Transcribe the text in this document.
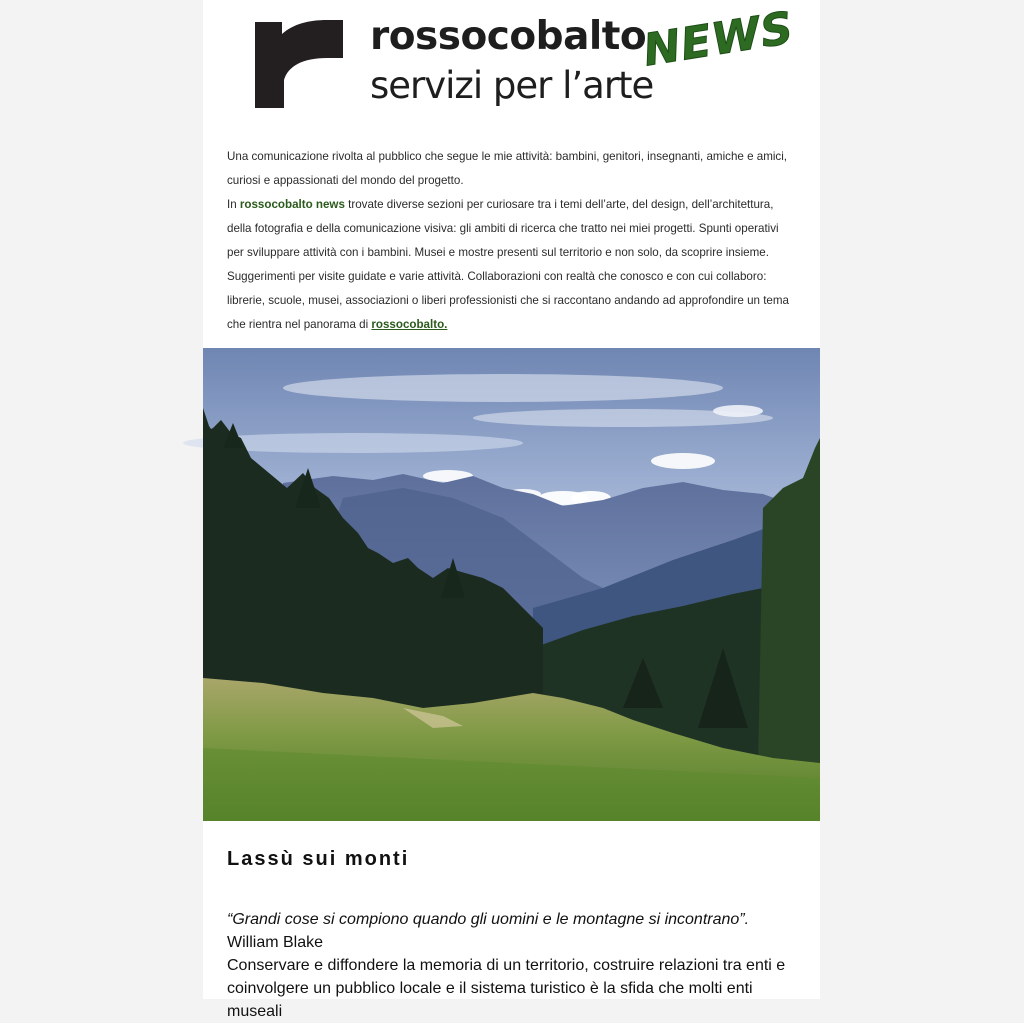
rossocobalto
servizi per l’arte
NEWS

Una comunicazione rivolta al pubblico che segue le mie attività: bambini, genitori, insegnanti, amiche e amici, curiosi e appassionati del mondo del progetto.

In rossocobalto news trovate diverse sezioni per curiosare tra i temi dell’arte, del design, dell’architettura, della fotografia e della comunicazione visiva: gli ambiti di ricerca che tratto nei miei progetti. Spunti operativi per sviluppare attività con i bambini. Musei e mostre presenti sul territorio e non solo, da scoprire insieme. Suggerimenti per visite guidate e varie attività. Collaborazioni con realtà che conosco e con cui collaboro: librerie, scuole, musei, associazioni o liberi professionisti che si raccontano andando ad approfondire un tema che rientra nel panorama di rossocobalto.

Lassù sui monti

“Grandi cose si compiono quando gli uomini e le montagne si incontrano”.

William Blake

Conservare e diffondere la memoria di un territorio, costruire relazioni tra enti e coinvolgere un pubblico locale e il sistema turistico è la sfida che molti enti museali
